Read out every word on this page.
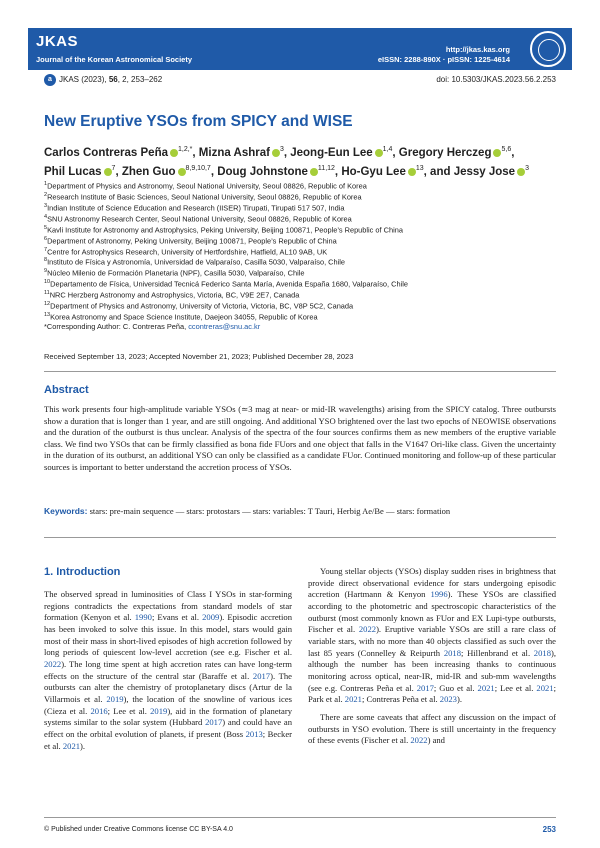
JKAS
Journal of the Korean Astronomical Society
http://jkas.kas.org
eISSN: 2288-890X · pISSN: 1225-4614
a JKAS (2023), 56, 2, 253–262	doi: 10.5303/JKAS.2023.56.2.253
New Eruptive YSOs from SPICY and WISE
Carlos Contreras Peña $^{1,2,*}$, Mizna Ashraf $^3$, Jeong-Eun Lee $^{1,4}$, Gregory Herczeg $^{5,6}$,
Phil Lucas $^7$, Zhen Guo $^{8,9,10,7}$, Doug Johnstone $^{11,12}$, Ho-Gyu Lee $^{13}$, and Jessy Jose $^3$
$^1$Department of Physics and Astronomy, Seoul National University, Seoul 08826, Republic of Korea
$^2$Research Institute of Basic Sciences, Seoul National University, Seoul 08826, Republic of Korea
$^3$Indian Institute of Science Education and Research (IISER) Tirupati, Tirupati 517 507, India
$^4$SNU Astronomy Research Center, Seoul National University, Seoul 08826, Republic of Korea
$^5$Kavli Institute for Astronomy and Astrophysics, Peking University, Beijing 100871, People’s Republic of China
$^6$Department of Astronomy, Peking University, Beijing 100871, People’s Republic of China
$^7$Centre for Astrophysics Research, University of Hertfordshire, Hatfield, AL10 9AB, UK
$^8$Instituto de Física y Astronomía, Universidad de Valparaíso, Casilla 5030, Valparaíso, Chile
$^9$Núcleo Milenio de Formación Planetaria (NPF), Casilla 5030, Valparaíso, Chile
$^{10}$Departamento de Física, Universidad Tecnicá Federico Santa María, Avenida España 1680, Valparaíso, Chile
$^{11}$NRC Herzberg Astronomy and Astrophysics, Victoria, BC, V9E 2E7, Canada
$^{12}$Department of Physics and Astronomy, University of Victoria, Victoria, BC, V8P 5C2, Canada
$^{13}$Korea Astronomy and Space Science Institute, Daejeon 34055, Republic of Korea
*Corresponding Author: C. Contreras Peña, ccontreras@snu.ac.kr
Received September 13, 2023; Accepted November 21, 2023; Published December 28, 2023
Abstract
This work presents four high-amplitude variable YSOs (≃3 mag at near- or mid-IR wavelengths) arising from the SPICY catalog. Three outbursts show a duration that is longer than 1 year, and are still ongoing. And additional YSO brightened over the last two epochs of NEOWISE observations and the duration of the outburst is thus unclear. Analysis of the spectra of the four sources confirms them as new members of the eruptive variable class. We find two YSOs that can be firmly classified as bona fide FUors and one object that falls in the V1647 Ori-like class. Given the uncertainty in the duration of its outburst, an additional YSO can only be classified as a candidate FUor. Continued monitoring and follow-up of these particular sources is important to better understand the accretion process of YSOs.
Keywords: stars: pre-main sequence — stars: protostars — stars: variables: T Tauri, Herbig Ae/Be — stars: formation
1. Introduction

The observed spread in luminosities of Class I YSOs in star-forming regions contradicts the expectations from standard models of star formation (Kenyon et al. 1990; Evans et al. 2009). Episodic accretion has been invoked to solve this issue. In this model, stars would gain most of their mass in short-lived episodes of high accretion followed by long periods of quiescent low-level accretion (see e.g. Fischer et al. 2022). The long time spent at high accretion rates can have long-term effects on the structure of the central star (Baraffe et al. 2017). The outbursts can alter the chemistry of protoplanetary discs (Artur de la Villarmois et al. 2019), the location of the snowline of various ices (Cieza et al. 2016; Lee et al. 2019), aid in the formation of planetary systems similar to the solar system (Hubbard 2017) and could have an effect on the orbital evolution of planets, if present (Boss 2013; Becker et al. 2021).

Young stellar objects (YSOs) display sudden rises in brightness that provide direct observational evidence for stars undergoing episodic accretion (Hartmann & Kenyon 1996). These YSOs are classified according to the photometric and spectroscopic characteristics of the outburst (most commonly known as FUor and EX Lupi-type outbursts, Fischer et al. 2022). Eruptive variable YSOs are still a rare class of variable stars, with no more than 40 objects classified as such over the last 85 years (Connelley & Reipurth 2018; Hillenbrand et al. 2018), although the number has been increasing thanks to continuous monitoring across optical, near-IR, mid-IR and sub-mm wavelengths (see e.g. Contreras Peña et al. 2017; Guo et al. 2021; Lee et al. 2021; Park et al. 2021; Contreras Peña et al. 2023).

There are some caveats that affect any discussion on the impact of outbursts in YSO evolution. There is still uncertainty in the frequency of these events (Fischer et al. 2022) and

© Published under Creative Commons license CC BY-SA 4.0	253
